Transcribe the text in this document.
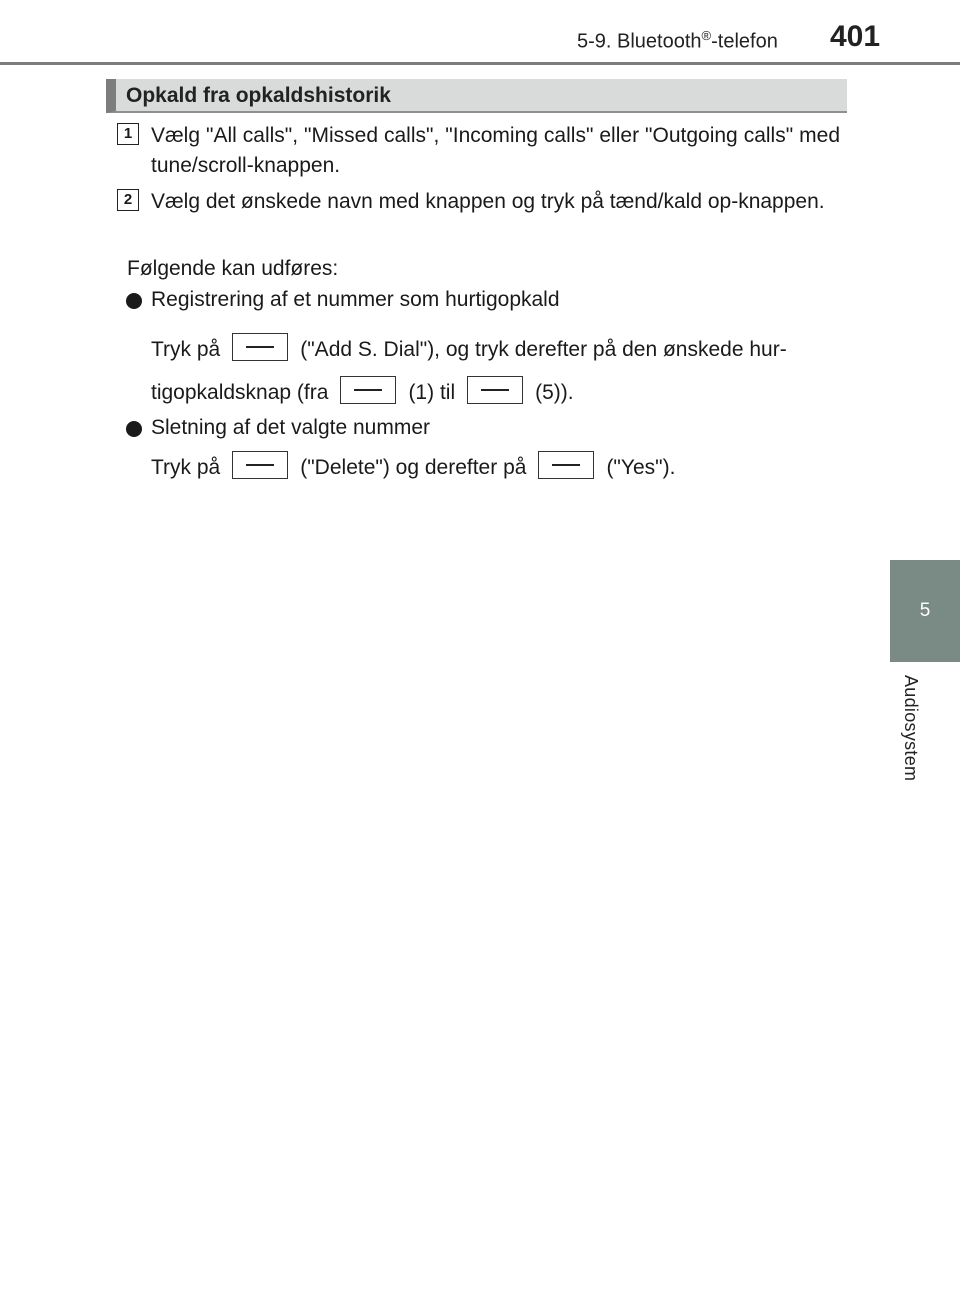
5-9. Bluetooth®-telefon 401
5
Audiosystem
Opkald fra opkaldshistorik
1 Vælg "All calls", "Missed calls", "Incoming calls" eller "Outgoing calls" med tune/scroll-knappen.
2 Vælg det ønskede navn med knappen og tryk på tænd/kald op-knappen.
Følgende kan udføres:
Registrering af et nummer som hurtigopkald
Tryk på	("Add S. Dial"), og tryk derefter på den ønskede hur-
tigopkaldsknap (fra	(1) til	(5)).
Sletning af det valgte nummer
Tryk på	("Delete") og derefter på	("Yes").
